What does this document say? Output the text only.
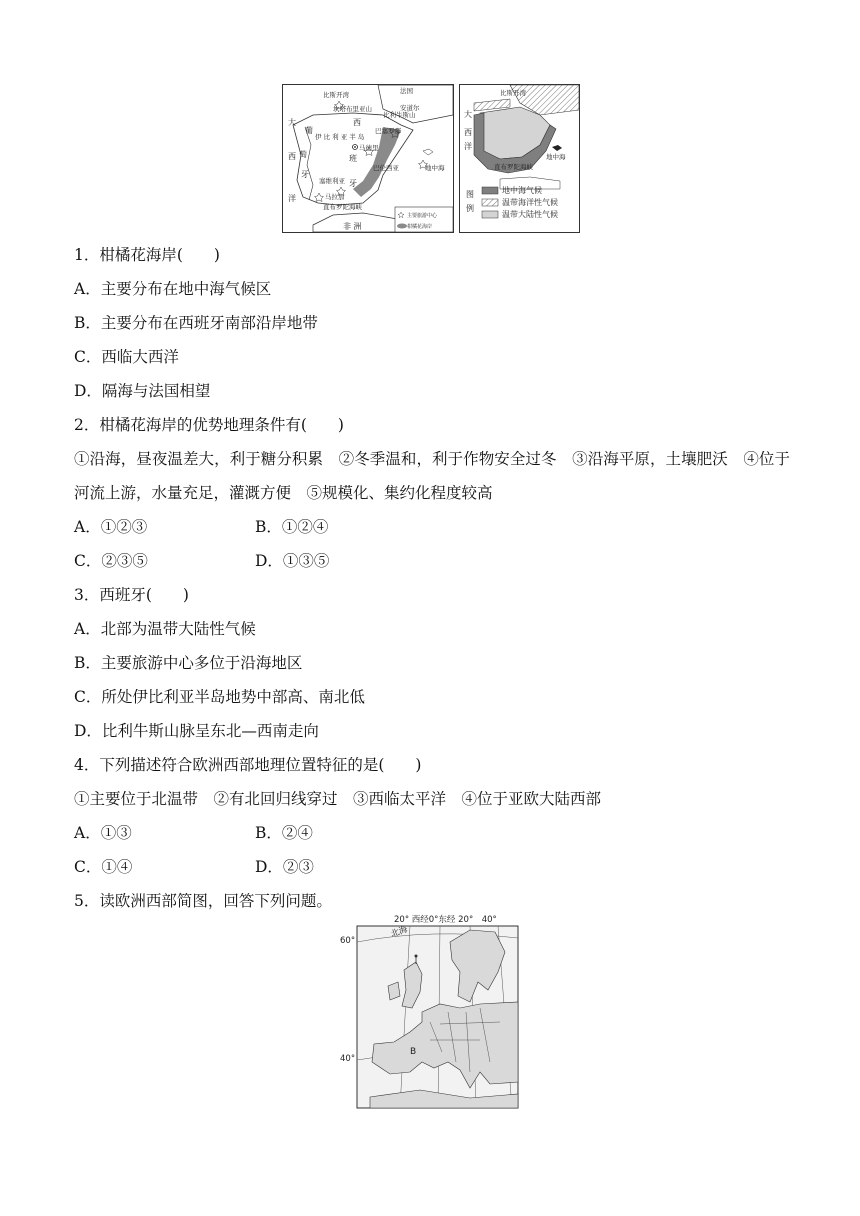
比斯开湾	法国
安道尔
比利牛斯山
坎塔布里亚山
伊 比 利 亚 半 岛
马德里
巴塞罗那
巴伦西亚	地中海
直布罗陀海峡
塞维利亚
马拉加
非 洲
大
西
洋
葡
萄
牙
西
班
牙
主要旅游中心
柑橘花海岸
比斯开湾
大
西
洋
地中海
直布罗陀海峡
图
例
地中海气候
温带海洋性气候
温带大陆性气候
1．柑橘花海岸(　　)
A．主要分布在地中海气候区
B．主要分布在西班牙南部沿岸地带
C．西临大西洋
D．隔海与法国相望
2．柑橘花海岸的优势地理条件有(　　)
①沿海，昼夜温差大，利于糖分积累　②冬季温和，利于作物安全过冬　③沿海平原，土壤肥沃　④位于河流上游，水量充足，灌溉方便　⑤规模化、集约化程度较高
A．①②③	B．①②④
C．②③⑤	D．①③⑤
3．西班牙(　　)
A．北部为温带大陆性气候
B．主要旅游中心多位于沿海地区
C．所处伊比利亚半岛地势中部高、南北低
D．比利牛斯山脉呈东北—西南走向
4．下列描述符合欧洲西部地理位置特征的是(　　)
①主要位于北温带　②有北回归线穿过　③西临太平洋　④位于亚欧大陆西部
A．①③	B．②④
C．①④	D．②③
5．读欧洲西部简图，回答下列问题。
20° 西经0°东经 20°　40°
60°
40°
北海
B
